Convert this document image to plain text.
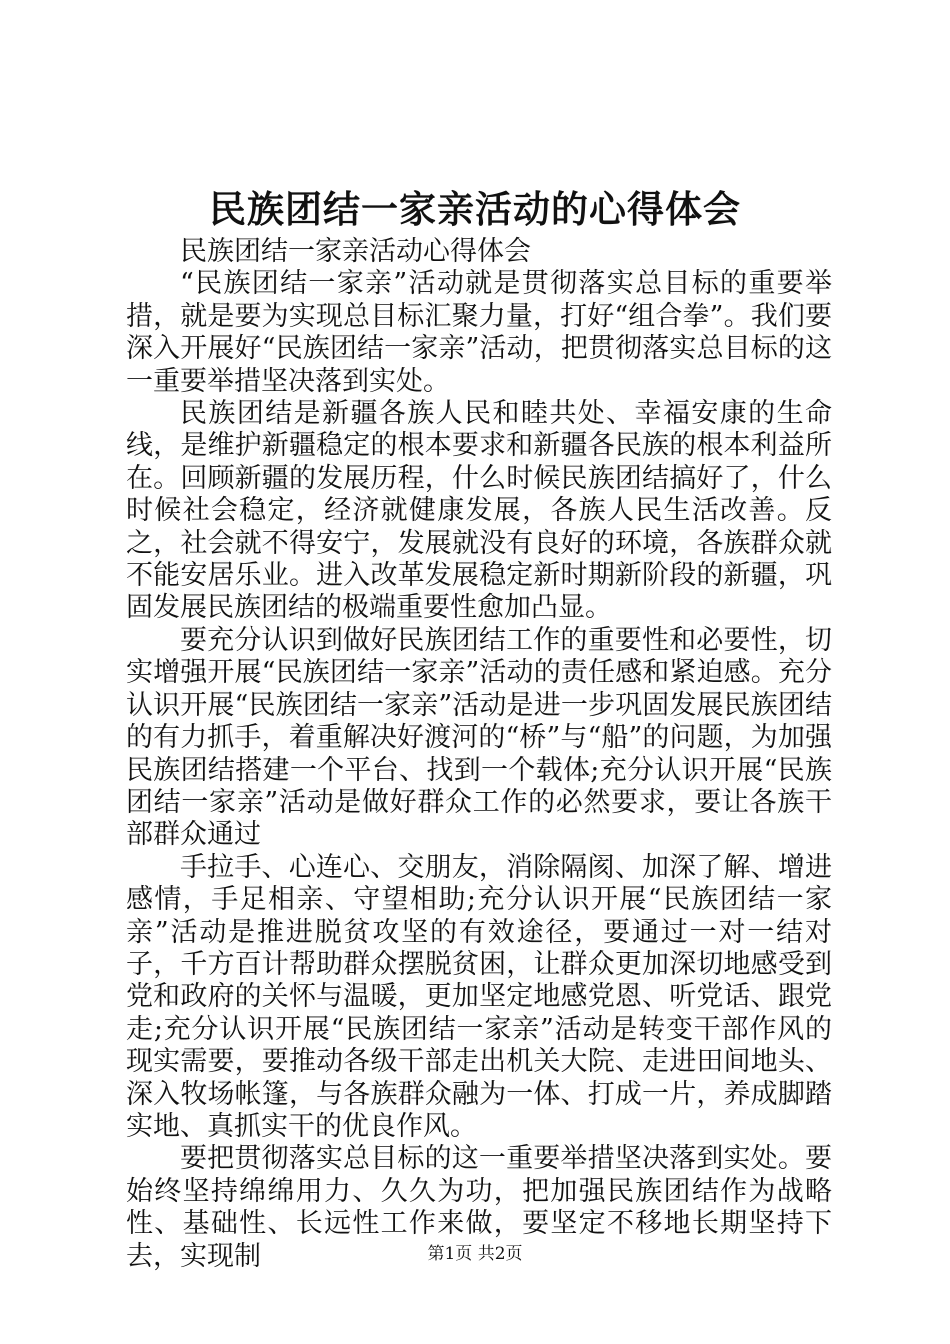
民族团结一家亲活动的心得体会

民族团结一家亲活动心得体会

“民族团结一家亲”活动就是贯彻落实总目标的重要举措，就是要为实现总目标汇聚力量，打好“组合拳”。我们要深入开展好“民族团结一家亲”活动，把贯彻落实总目标的这一重要举措坚决落到实处。

民族团结是新疆各族人民和睦共处、幸福安康的生命线，是维护新疆稳定的根本要求和新疆各民族的根本利益所在。回顾新疆的发展历程，什么时候民族团结搞好了，什么时候社会稳定，经济就健康发展，各族人民生活改善。反之，社会就不得安宁，发展就没有良好的环境，各族群众就不能安居乐业。进入改革发展稳定新时期新阶段的新疆，巩固发展民族团结的极端重要性愈加凸显。

要充分认识到做好民族团结工作的重要性和必要性，切实增强开展“民族团结一家亲”活动的责任感和紧迫感。充分认识开展“民族团结一家亲”活动是进一步巩固发展民族团结的有力抓手，着重解决好渡河的“桥”与“船”的问题，为加强民族团结搭建一个平台、找到一个载体;充分认识开展“民族团结一家亲”活动是做好群众工作的必然要求，要让各族干部群众通过

手拉手、心连心、交朋友，消除隔阂、加深了解、增进感情，手足相亲、守望相助;充分认识开展“民族团结一家亲”活动是推进脱贫攻坚的有效途径，要通过一对一结对子，千方百计帮助群众摆脱贫困，让群众更加深切地感受到党和政府的关怀与温暖，更加坚定地感党恩、听党话、跟党走;充分认识开展“民族团结一家亲”活动是转变干部作风的现实需要，要推动各级干部走出机关大院、走进田间地头、深入牧场帐篷，与各族群众融为一体、打成一片，养成脚踏实地、真抓实干的优良作风。

要把贯彻落实总目标的这一重要举措坚决落到实处。要始终坚持绵绵用力、久久为功，把加强民族团结作为战略性、基础性、长远性工作来做，要坚定不移地长期坚持下去，实现制	第1页 共2页
